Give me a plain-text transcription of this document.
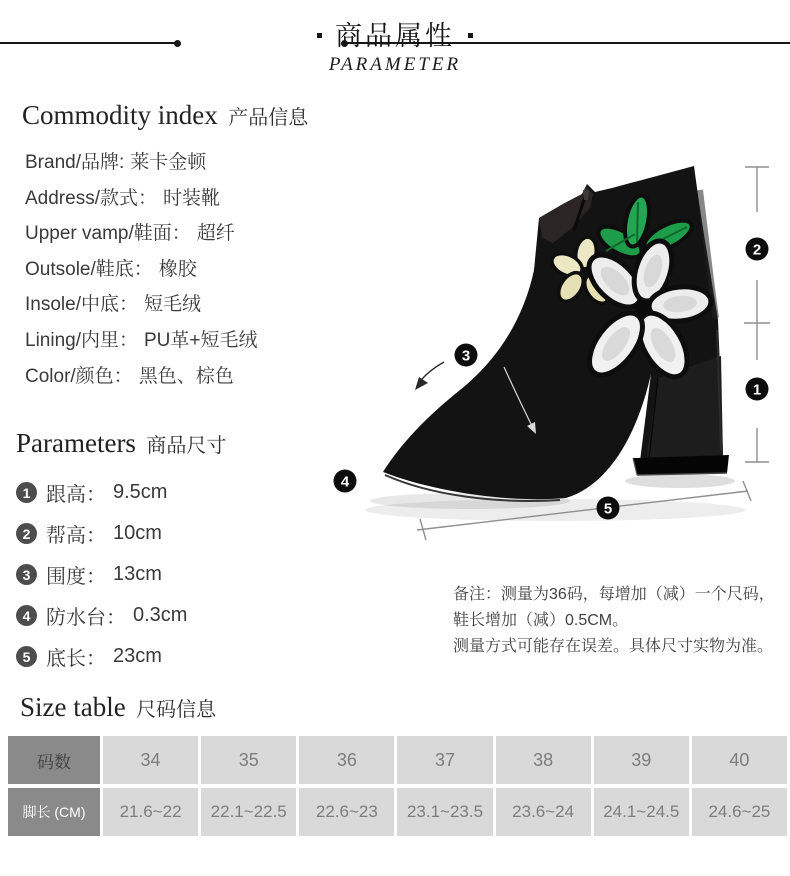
商品属性
PARAMETER
Commodity index 产品信息
Brand/品牌: 莱卡金顿
Address/款式： 时装靴
Upper vamp/鞋面： 超纤
Outsole/鞋底： 橡胶
Insole/中底： 短毛绒
Lining/内里： PU革+短毛绒
Color/颜色： 黑色、棕色
Parameters 商品尺寸
1 跟高： 9.5cm
2 帮高： 10cm
3 围度： 13cm
4 防水台： 0.3cm
5 底长： 23cm
2
1
3
4
5
备注：测量为36码，每增加（减）一个尺码，
鞋长增加（减）0.5CM。
测量方式可能存在误差。具体尺寸实物为准。
Size table 尺码信息
码数	34	35	36	37	38	39	40
脚长 (CM)	21.6~22	22.1~22.5	22.6~23	23.1~23.5	23.6~24	24.1~24.5	24.6~25
